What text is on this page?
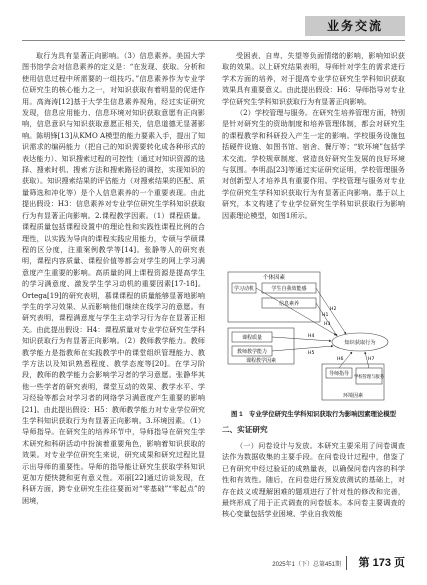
业务交流

取行为具有显著正向影响。（3）信息素养。美国大学图书馆学会对信息素养的定义是：“在发现、获取、分析和使用信息过程中所需要的一组技巧。”信息素养作为专业学位研究生的核心能力之一，对知识获取有着明显的促进作用。高海涛[12]基于大学生信息素养视角，经过实证研究发现，信息应用能力、信息环境对知识获取意愿有正向影响，信息意识与知识获取意愿正相关，信息道德无显著影响。陈明锋[13]从KMO A模型的能力要素入手，提出了知识需求的编码能力（把自己的知识需要转化成各种形式的表达能力）、知识搜索过程的可控性（通过对知识资源的选择、搜索时机、搜索方法和搜索路径的调控，实现知识的获取）。知识搜索结果的评估能力（对搜索结果的匹配、质量筛选和冲化等）是个人信息素养的一个重要表现。由此提出假设：H3：信息素养对专业学位研究生学科知识获取行为有显著正向影响。2.课程教学因素。（1）课程质量。课程质量包括课程设置中的理论性和实践性课程比例的合理性，以实践为导向的课程实践应用能力，专硕与学硕课程的区分度，注重案例教学等[14]。张静等人的研究表明，课程内容质量、课程价值等都会对学生的网上学习满意度产生重要的影响。高质量的网上课程资源是提高学生的学习满意度、激发学生学习动机的重要因素[17-18]。Ortega[19]的研究表明，慕课课程的质量能够显著地影响学生的学习效果、从而影响他们继续在线学习的意愿。有研究表明，课程满意度与学生主动学习行为存在显著正相关。由此提出假设：H4：课程质量对专业学位研究生学科知识获取行为有显著正向影响。（2）教师教学能力。教师教学能力是指教师在实践教学中的课堂组织管理能力、教学方法以及知识熟悉程度、教学态度等[20]。在学习阶段，教师的教学能力会影响学习者的学习意愿。张静华其他一些学者的研究表明，课堂互动的效果、教学水平、学习经验等都会对学习者的网络学习满意度产生重要的影响[21]。由此提出假设：H5：教师教学能力对专业学位研究生学科知识获取行为有显著正向影响。3.环境因素。（1）导师指导。在研究生的培养环节中，导师指导在研究生学术研究和科研活动中扮演着重要角色，影响着知识获取的效果。对专业学位研究生来说，研究成果和研究过程比显示出导师的重要性。导师的指导能让研究生获取学科知识更加方便快捷和更有意义性。邓丽[22]通过访谈发现，在科研方面，跨专业研究生往往要面对“零基础”“零起点”的困境，

受困表、自卑、失望等负面情绪的影响，影响知识获取的效果。以上研究结果表明，导师针对学生的需求进行学术方面的培养，对于提高专业学位研究生学科知识获取效果具有重要意义。由此提出假设：H6：导师指导对专业学位研究生学科知识获取行为有显著正向影响。

（2）学校管理与服务。在研究生培养管理方面，特别是针对研究生的资助制度和培养管理体制，都会对研究生的课程教学和科研投入产生一定的影响。学校服务设施包括硬件设施、如图书馆、宿舍、餐厅等；“软环境”包括学术交流、学校规章制度、营造良好研究生发展的良好环境与氛围。李明晶[23]等通过实证研究证明，学校管理服务对创新型人才培养具有重要作用。学校管理与服务对专业学位研究生学科知识获取行为有显著正向影响。基于以上研究，本文构建了专业学位研究生学科知识获取行为影响因素理论模型，如图1所示。

个体因素
学习动机	学生自我效能感
信息素养
课程质量
教师教学能力
课程教学因素
知识获取行为
导师指导
学校管理与服务
环境因素
H1
H2
H3
H4
H5
H6	H7
图 1　专业学位研究生学科知识获取行为影响因素理论模型
二、实证研究

（一）问卷设计与发放。本研究主要采用了问卷调查法作为数据收集的主要手段。在问卷设计过程中，借鉴了已有研究中经过验证的成熟量表，以确保问卷内容的科学性和有效性。随后，在问卷进行预发放测试的基础上，对存在歧义或理解困难的题项进行了针对性的修改和完善，最终形成了用于正式调查的问卷版本。本问卷主要调查的核心变量包括学业困境、学业自我效能

2025年1（下）总第451期 第 173 页
